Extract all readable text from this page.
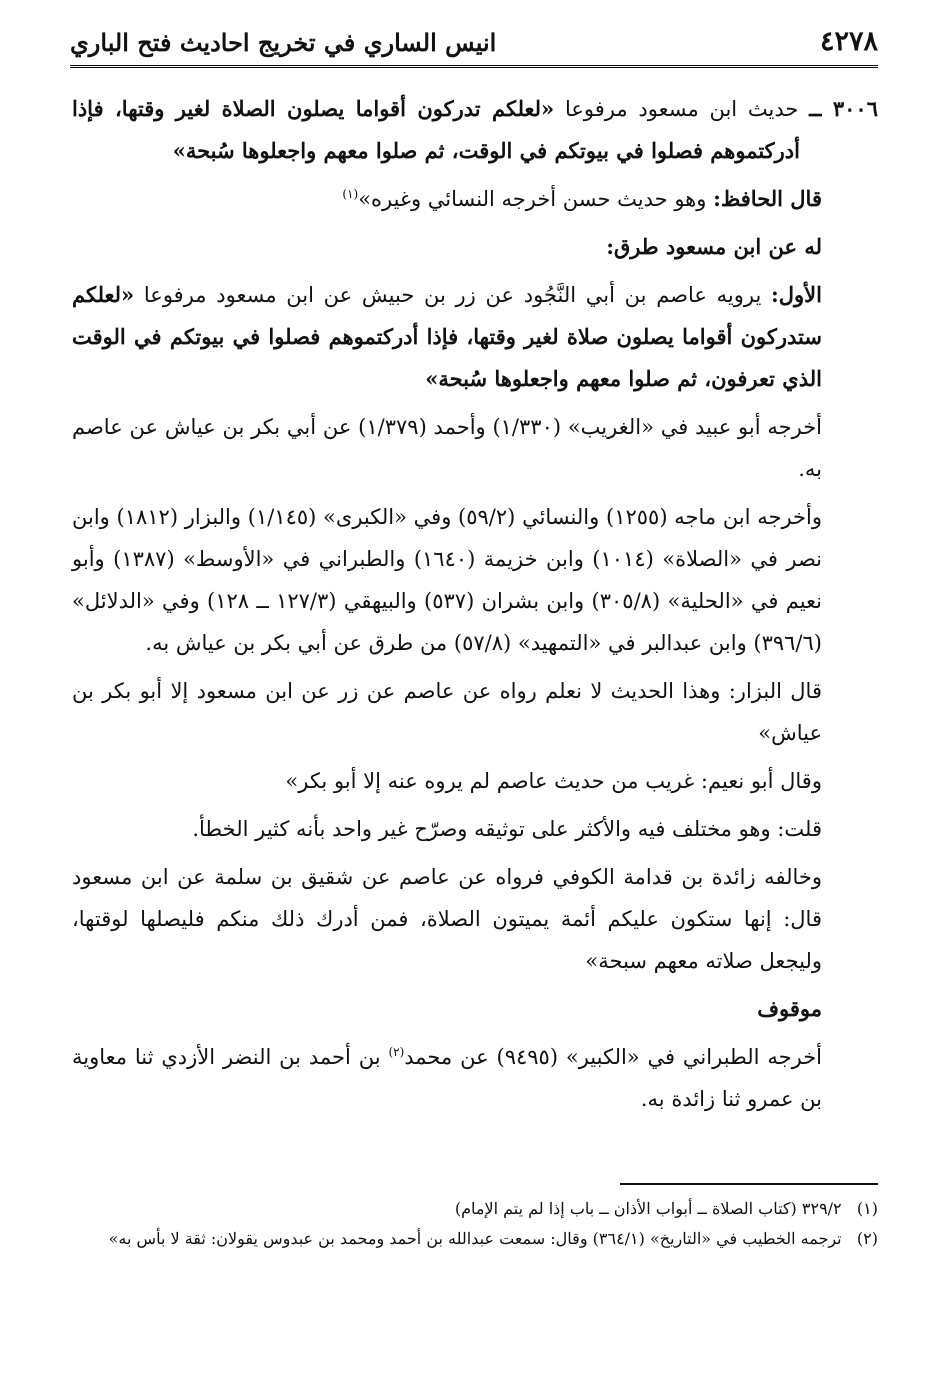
٤٢٧٨
انيس الساري في تخريج احاديث فتح الباري

٣٠٠٦ ــ حديث ابن مسعود مرفوعا «لعلكم تدركون أقواما يصلون الصلاة لغير وقتها، فإذا أدركتموهم فصلوا في بيوتكم في الوقت، ثم صلوا معهم واجعلوها سُبحة»

قال الحافظ: وهو حديث حسن أخرجه النسائي وغيره»$^{(١)}$

له عن ابن مسعود طرق:

الأول: يرويه عاصم بن أبي النَّجُود عن زر بن حبيش عن ابن مسعود مرفوعا «لعلكم ستدركون أقواما يصلون صلاة لغير وقتها، فإذا أدركتموهم فصلوا في بيوتكم في الوقت الذي تعرفون، ثم صلوا معهم واجعلوها سُبحة»

أخرجه أبو عبيد في «الغريب» (١/٣٣٠) وأحمد (١/٣٧٩) عن أبي بكر بن عياش عن عاصم به.

وأخرجه ابن ماجه (١٢٥٥) والنسائي (٥٩/٢) وفي «الكبرى» (١/١٤٥) والبزار (١٨١٢) وابن نصر في «الصلاة» (١٠١٤) وابن خزيمة (١٦٤٠) والطبراني في «الأوسط» (١٣٨٧) وأبو نعيم في «الحلية» (٣٠٥/٨) وابن بشران (٥٣٧) والبيهقي (١٢٧/٣ ــ ١٢٨) وفي «الدلائل» (٣٩٦/٦) وابن عبدالبر في «التمهيد» (٥٧/٨) من طرق عن أبي بكر بن عياش به.

قال البزار: وهذا الحديث لا نعلم رواه عن عاصم عن زر عن ابن مسعود إلا أبو بكر بن عياش»

وقال أبو نعيم: غريب من حديث عاصم لم يروه عنه إلا أبو بكر»

قلت: وهو مختلف فيه والأكثر على توثيقه وصرّح غير واحد بأنه كثير الخطأ.

وخالفه زائدة بن قدامة الكوفي فرواه عن عاصم عن شقيق بن سلمة عن ابن مسعود قال: إنها ستكون عليكم أئمة يميتون الصلاة، فمن أدرك ذلك منكم فليصلها لوقتها، وليجعل صلاته معهم سبحة»

موقوف

أخرجه الطبراني في «الكبير» (٩٤٩٥) عن محمد$^{(٢)}$ بن أحمد بن النضر الأزدي ثنا معاوية بن عمرو ثنا زائدة به.

(١)   ٣٢٩/٢ (كتاب الصلاة ــ أبواب الأذان ــ باب إذا لم يتم الإمام)

(٢)   ترجمه الخطيب في «التاريخ» (٣٦٤/١) وقال: سمعت عبدالله بن أحمد ومحمد بن عبدوس يقولان: ثقة لا بأس به»
